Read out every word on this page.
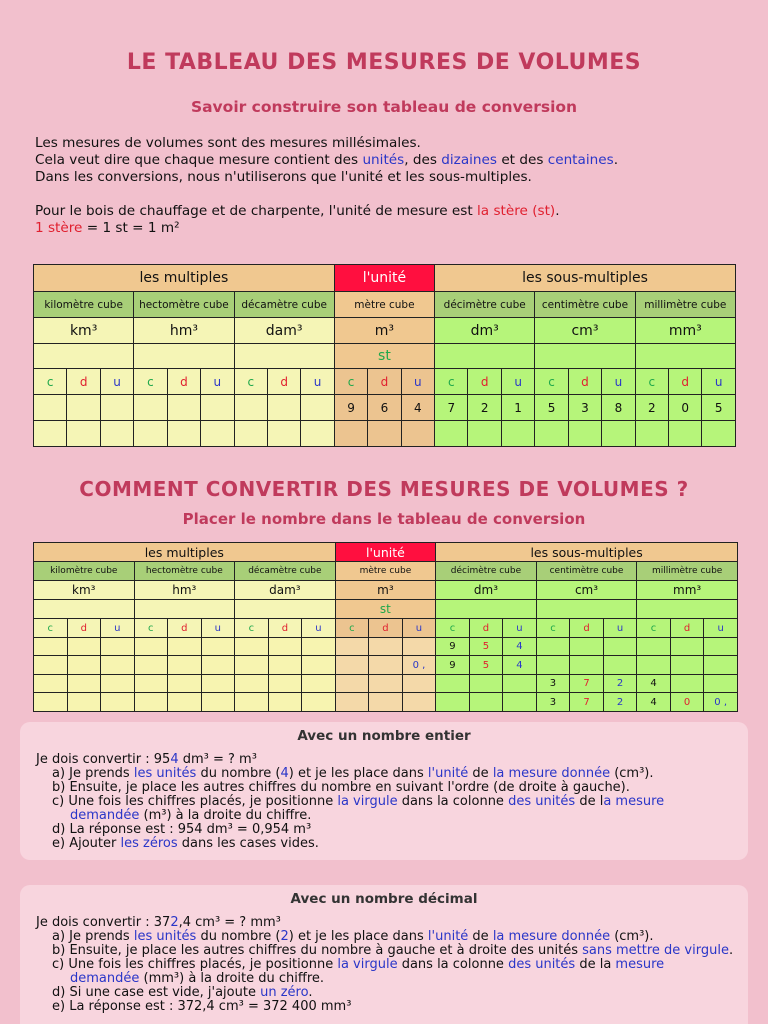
LE TABLEAU DES MESURES DE VOLUMES
Savoir construire son tableau de conversion

Les mesures de volumes sont des mesures millésimales.

Cela veut dire que chaque mesure contient des unités, des dizaines et des centaines.

Dans les conversions, nous n'utiliserons que l'unité et les sous-multiples.

Pour le bois de chauffage et de charpente, l'unité de mesure est la stère (st).

1 stère = 1 st = 1 m²

les multiples									l'unité			les sous-multiples								
kilomètre cube			hectomètre cube			décamètre cube			mètre cube			décimètre cube			centimètre cube			millimètre cube		
km³			hm³			dam³			m³			dm³			cm³			mm³		
									st											
c	d	u	c	d	u	c	d	u	c	d	u	c	d	u	c	d	u	c	d	u
									9	6	4	7	2	1	5	3	8	2	0	5

COMMENT CONVERTIR DES MESURES DE VOLUMES ?
Placer le nombre dans le tableau de conversion
les multiples									l'unité			les sous-multiples								
kilomètre cube			hectomètre cube			décamètre cube			mètre cube			décimètre cube			centimètre cube			millimètre cube		
km³			hm³			dam³			m³			dm³			cm³			mm³		
									st											
c	d	u	c	d	u	c	d	u	c	d	u	c	d	u	c	d	u	c	d	u
												9	5	4						
											0 ,	9	5	4						
															3	7	2	4		
															3	7	2	4	0	0 ,
Avec un nombre entier
Je dois convertir : 954 dm³ = ? m³
a) Je prends les unités du nombre (4) et je les place dans l'unité de la mesure donnée (cm³).
b) Ensuite, je place les autres chiffres du nombre en suivant l'ordre (de droite à gauche).
c) Une fois les chiffres placés, je positionne la virgule dans la colonne des unités de la mesure
demandée (m³) à la droite du chiffre.
d) La réponse est : 954 dm³ = 0,954 m³
e) Ajouter les zéros dans les cases vides.
Avec un nombre décimal
Je dois convertir : 372,4 cm³ = ? mm³
a) Je prends les unités du nombre (2) et je les place dans l'unité de la mesure donnée (cm³).
b) Ensuite, je place les autres chiffres du nombre à gauche et à droite des unités sans mettre de virgule.
c) Une fois les chiffres placés, je positionne la virgule dans la colonne des unités de la mesure
demandée (mm³) à la droite du chiffre.
d) Si une case est vide, j'ajoute un zéro.
e) La réponse est : 372,4 cm³ = 372 400 mm³
